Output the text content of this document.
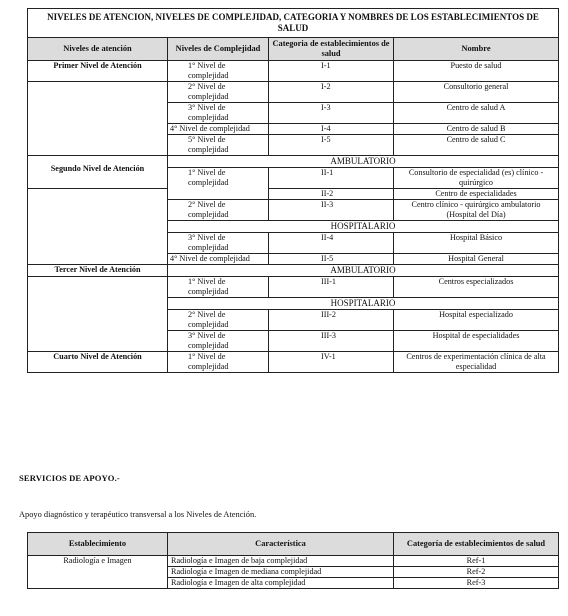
NIVELES DE ATENCION, NIVELES DE COMPLEJIDAD, CATEGORIA Y NOMBRES DE LOS ESTABLECIMIENTOS DE SALUD			
Niveles de atención	Niveles de Complejidad	Categoria de establecimientos de salud	Nombre
Primer Nivel de Atención	1° Nivel de complejidad	I-1	Puesto de salud
	2° Nivel de complejidad	I-2	Consultorio general
	3° Nivel de complejidad	I-3	Centro de salud A
	4° Nivel de complejidad	I-4	Centro de salud B
	5° Nivel de complejidad	I-5	Centro de salud C
Segundo Nivel de Atención	AMBULATORIO		
	1° Nivel de complejidad	II-1	Consultorio de especialidad (es) clínico - quirúrgico
		II-2	Centro de especialidades
	2° Nivel de complejidad	II-3	Centro clínico - quirúrgico ambulatorio (Hospital del Día)
	HOSPITALARIO		
	3° Nivel de complejidad	II-4	Hospital Básico
	4° Nivel de complejidad	II-5	Hospital General
Tercer Nivel de Atención	AMBULATORIO		
	1° Nivel de complejidad	III-1	Centros especializados
	HOSPITALARIO		
	2° Nivel de complejidad	III-2	Hospital especializado
	3° Nivel de complejidad	III-3	Hospital de especialidades
Cuarto Nivel de Atención	1° Nivel de complejidad	IV-1	Centros de experimentación clínica de alta especialidad
SERVICIOS DE APOYO.-
Apoyo diagnóstico y terapéutico transversal a los Niveles de Atención.
Establecimiento	Característica	Categoría de establecimientos de salud
Radiología e Imagen	Radiología e Imagen de baja complejidad	Ref-1
	Radiología e Imagen de mediana complejidad	Ref-2
	Radiología e Imagen de alta complejidad	Ref-3
